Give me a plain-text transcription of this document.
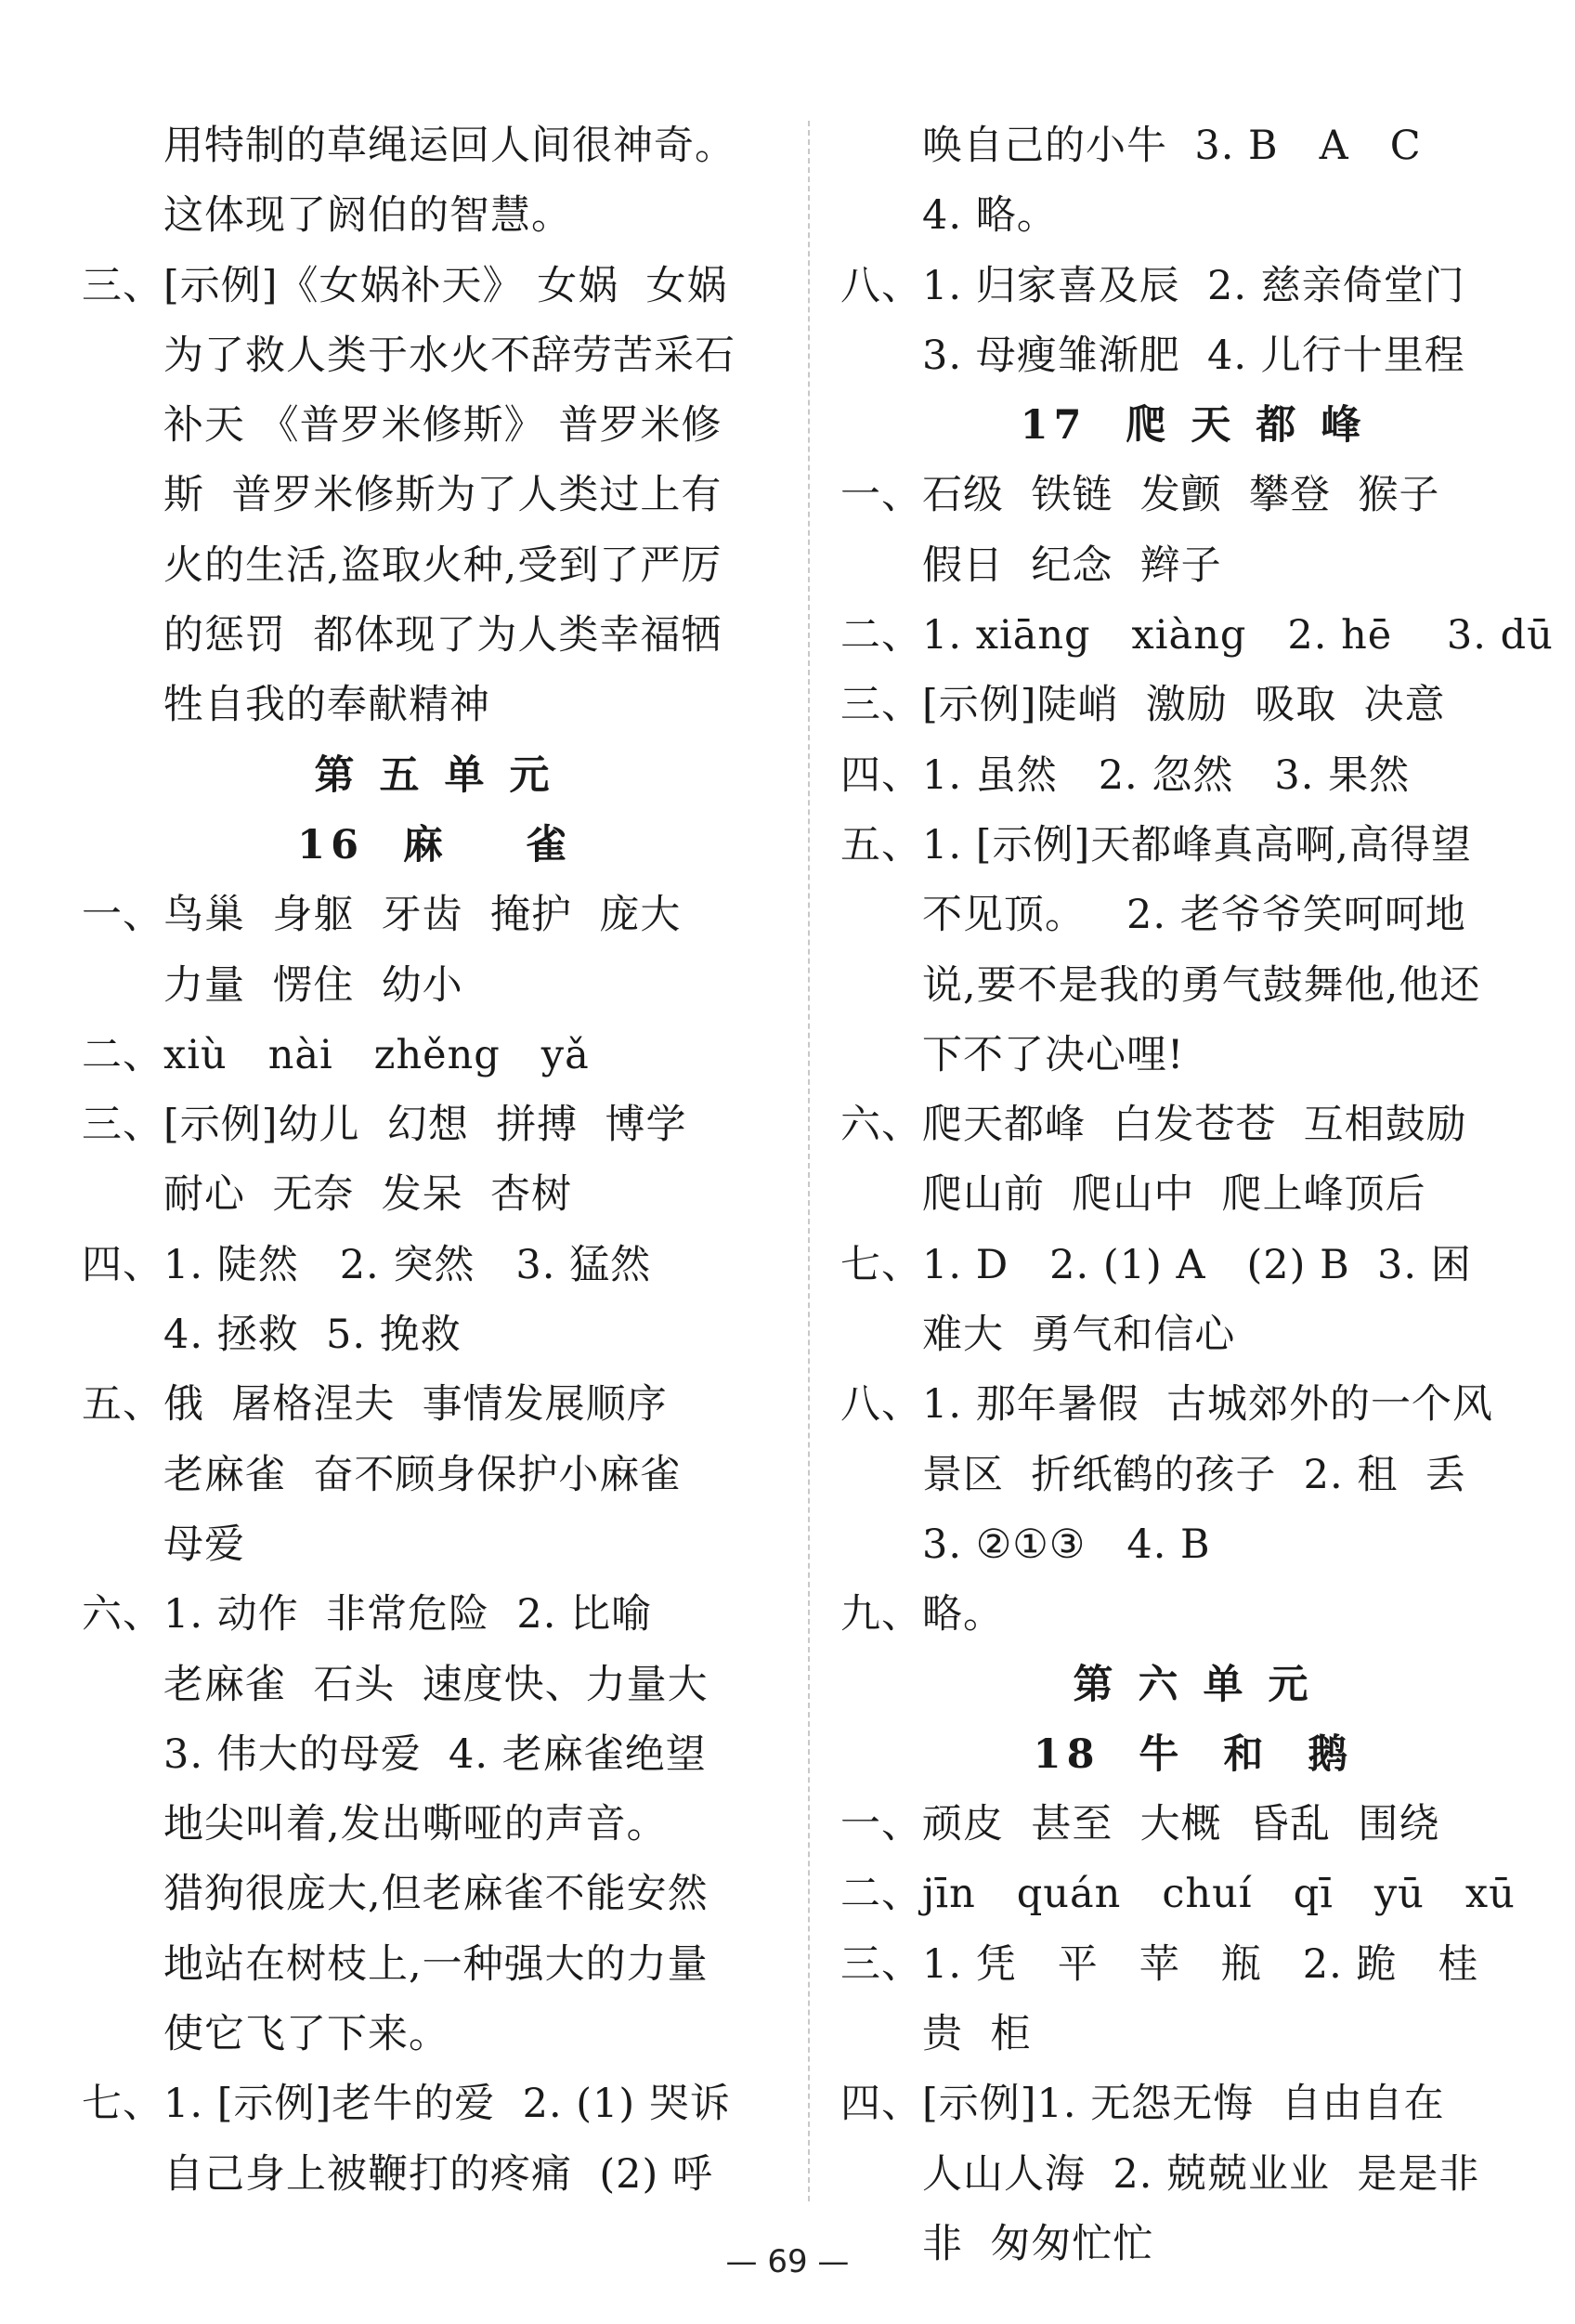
用特制的草绳运回人间很神奇。
这体现了阏伯的智慧。
三、[示例]《女娲补天》 女娲  女娲
为了救人类于水火不辞劳苦采石
补天 《普罗米修斯》 普罗米修
斯  普罗米修斯为了人类过上有
火的生活,盗取火种,受到了严厉
的惩罚  都体现了为人类幸福牺
牲自我的奉献精神
第 五 单 元
16  麻    雀
一、鸟巢  身躯  牙齿  掩护  庞大
力量  愣住  幼小
二、xiù   nài   zhěng   yǎ
三、[示例]幼儿  幻想  拼搏  博学
耐心  无奈  发呆  杏树
四、1. 陡然   2. 突然   3. 猛然
4. 拯救  5. 挽救
五、俄  屠格涅夫  事情发展顺序
老麻雀  奋不顾身保护小麻雀
母爱
六、1. 动作  非常危险  2. 比喻
老麻雀  石头  速度快、力量大
3. 伟大的母爱  4. 老麻雀绝望
地尖叫着,发出嘶哑的声音。
猎狗很庞大,但老麻雀不能安然
地站在树枝上,一种强大的力量
使它飞了下来。
七、1. [示例]老牛的爱  2. (1) 哭诉
自己身上被鞭打的疼痛  (2) 呼
唤自己的小牛  3. B   A   C
4. 略。
八、1. 归家喜及辰  2. 慈亲倚堂门
3. 母瘦雏渐肥  4. 儿行十里程
17  爬 天 都 峰
一、石级  铁链  发颤  攀登  猴子
假日  纪念  辫子
二、1. xiāng   xiàng   2. hē    3. dū
三、[示例]陡峭  激励  吸取  决意
四、1. 虽然   2. 忽然   3. 果然
五、1. [示例]天都峰真高啊,高得望
不见顶。   2. 老爷爷笑呵呵地
说,要不是我的勇气鼓舞他,他还
下不了决心哩!
六、爬天都峰  白发苍苍  互相鼓励
爬山前  爬山中  爬上峰顶后
七、1. D   2. (1) A   (2) B  3. 困
难大  勇气和信心
八、1. 那年暑假  古城郊外的一个风
景区  折纸鹤的孩子  2. 租  丢
3. ②①③   4. B
九、略。
第 六 单 元
18  牛  和  鹅
一、顽皮  甚至  大概  昏乱  围绕
二、jīn   quán   chuí   qī   yū   xū
三、1. 凭   平   苹   瓶   2. 跪   桂
贵  柜
四、[示例]1. 无怨无悔  自由自在
人山人海  2. 兢兢业业  是是非
非  匆匆忙忙
— 69 —
